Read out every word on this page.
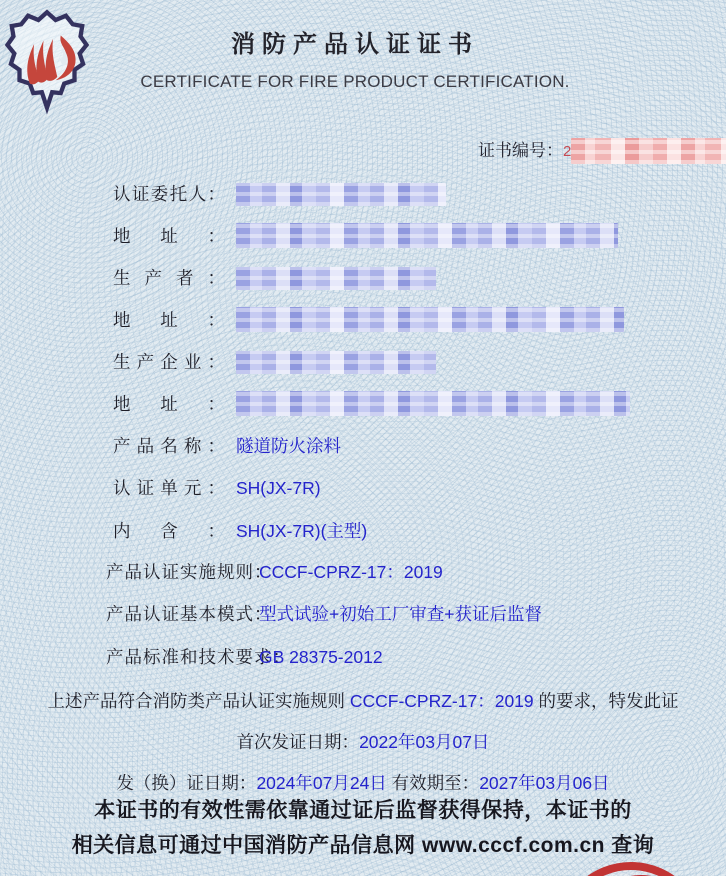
消防产品认证证书
CERTIFICATE FOR FIRE PRODUCT CERTIFICATION.
证书编号：2
认证委托人：
地址：
生产者：
地址：
生产企业：
地址：
产品名称： 隧道防火涂料
认证单元： SH(JX-7R)
内含： SH(JX-7R)(主型)
产品认证实施规则：CCCF-CPRZ-17：2019
产品认证基本模式：型式试验+初始工厂审查+获证后监督
产品标准和技术要求：GB 28375-2012
上述产品符合消防类产品认证实施规则 CCCF-CPRZ-17：2019 的要求，特发此证
首次发证日期：2022年03月07日
发（换）证日期：2024年07月24日 有效期至：2027年03月06日
本证书的有效性需依靠通过证后监督获得保持，本证书的
相关信息可通过中国消防产品信息网 www.cccf.com.cn 查询
